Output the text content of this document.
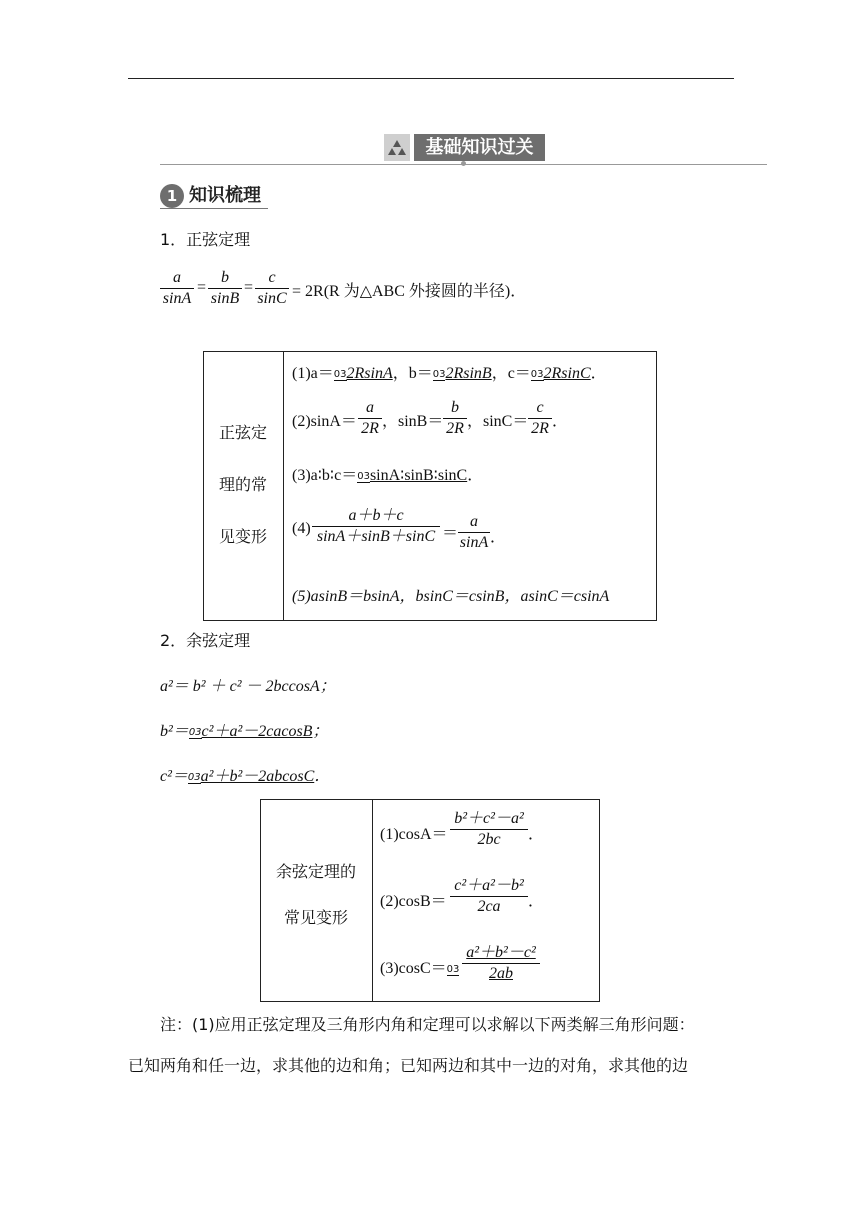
基础知识过关
1 知识梳理
1．正弦定理
$\frac{a}{\sin A} = \frac{b}{\sin B} = \frac{c}{\sin C} = 2R(R$ 为△ABC 外接圆的半径)．
正弦定
理的常
见变形
(1)a＝032RsinA，b＝032RsinB，c＝032RsinC．
$(2)\sin A= \frac{a}{2R}$ ，$\sin B= \frac{b}{2R}$ ，$\sin C= \frac{c}{2R}$ ．
(3)a∶b∶c＝03sinA∶sinB∶sinC．
$(4) \frac{a+b+c}{\sin A+\sin B+\sin C} = \frac{a}{\sin A}$ ．
(5)asinB＝bsinA，bsinC＝csinB，asinC＝csinA
2．余弦定理
a²＝ b² ＋ c² － 2bccosA；
b²＝03c²＋a²－2cacosB；
c²＝03a²＋b²－2abcosC．
余弦定理的
常见变形
$(1)\cos A= \frac{\text{b²＋c²－a²}}{2bc}$ ．
$(2)\cos B= \frac{\text{c²＋a²－b²}}{2ca}$ ．
$(3)\cos C=03 \frac{\text{a²＋b²－c²}}{2ab}$
注：(1)应用正弦定理及三角形内角和定理可以求解以下两类解三角形问题：
已知两角和任一边，求其他的边和角；已知两边和其中一边的对角，求其他的边
